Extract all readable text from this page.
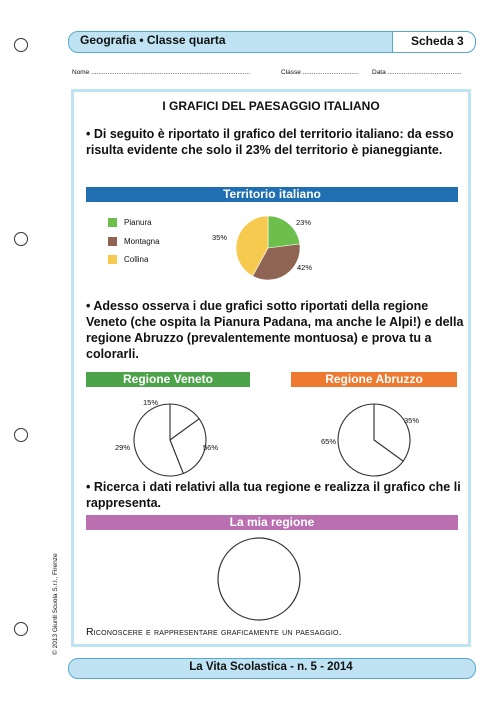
Geografia • Classe quarta	Scheda 3
Nome ........................................................................................	Classe ............................... Data .........................................
I GRAFICI DEL PAESAGGIO ITALIANO
• Di seguito è riportato il grafico del territorio italiano: da esso risulta evidente che solo il 23% del territorio è pianeggiante.
Territorio italiano
Pianura
Montagna
Collina
23%
35%
42%
• Adesso osserva i due grafici sotto riportati della regione Veneto (che ospita la Pianura Padana, ma anche le Alpi!) e della regione Abruzzo (prevalentemente montuosa) e prova tu a colorarli.
Regione Veneto	Regione Abruzzo
15%
29%	56%
35%
65%
• Ricerca i dati relativi alla tua regione e realizza il grafico che li rappresenta.
La mia regione
Riconoscere e rappresentare graficamente un paesaggio.
La Vita Scolastica - n. 5 - 2014
© 2013 Giunti Scuola S.r.l., Firenze
